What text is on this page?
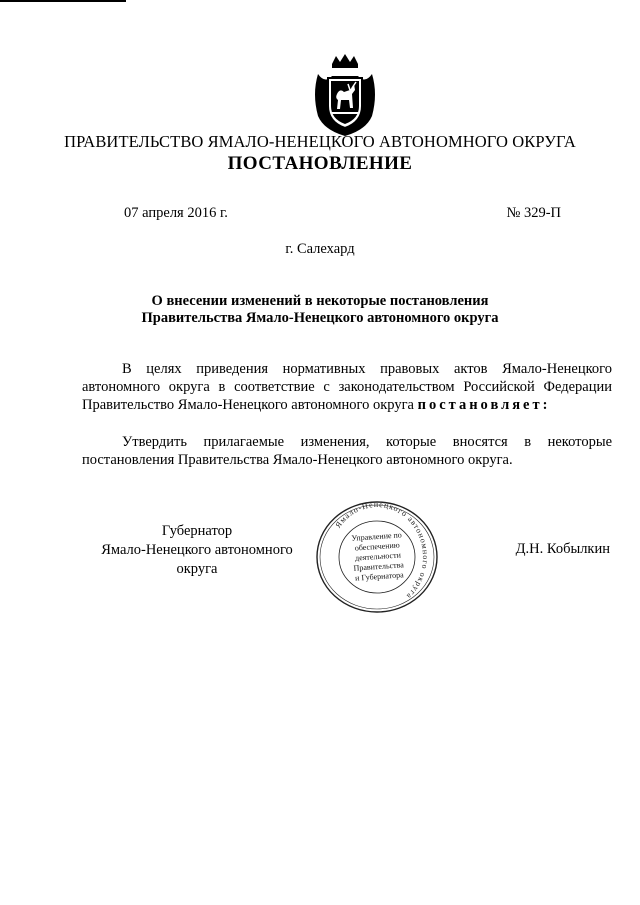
ПРАВИТЕЛЬСТВО ЯМАЛО-НЕНЕЦКОГО АВТОНОМНОГО ОКРУГА
ПОСТАНОВЛЕНИЕ
07 апреля 2016 г.	№ 329-П
г. Салехард
О внесении изменений в некоторые постановления
Правительства Ямало-Ненецкого автономного округа
В целях приведения нормативных правовых актов Ямало-Ненецкого автономного округа в соответствие с законодательством Российской Федерации Правительство Ямало-Ненецкого автономного округа постановляет:
Утвердить прилагаемые изменения, которые вносятся в некоторые постановления Правительства Ямало-Ненецкого автономного округа.
Губернатор
Ямало-Ненецкого автономного округа
Д.Н. Кобылкин
Ямало-Ненецкого автономного округа
Управление по
обеспечению
деятельности
Правительства
и Губернатора
